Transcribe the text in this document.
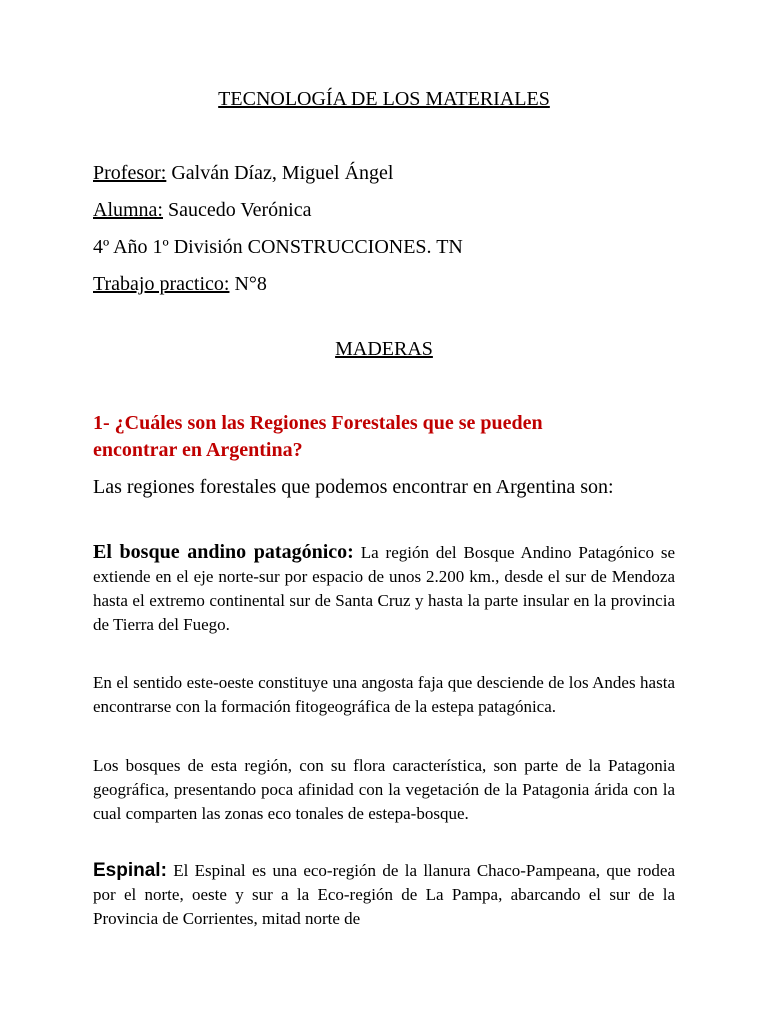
TECNOLOGÍA DE LOS MATERIALES
Profesor: Galván Díaz, Miguel Ángel
Alumna: Saucedo Verónica
4º Año 1º División CONSTRUCCIONES. TN
Trabajo practico: N°8
MADERAS
1- ¿Cuáles son las Regiones Forestales que se pueden
encontrar en Argentina?
Las regiones forestales que podemos encontrar en Argentina son:
El bosque andino patagónico: La región del Bosque Andino Patagónico se extiende en el eje norte-sur por espacio de unos 2.200 km., desde el sur de Mendoza hasta el extremo continental sur de Santa Cruz y hasta la parte insular en la provincia de Tierra del Fuego.
En el sentido este-oeste constituye una angosta faja que desciende de los Andes hasta encontrarse con la formación fitogeográfica de la estepa patagónica.
Los bosques de esta región, con su flora característica, son parte de la Patagonia geográfica, presentando poca afinidad con la vegetación de la Patagonia árida con la cual comparten las zonas eco tonales de estepa-bosque.
Espinal: El Espinal es una eco-región de la llanura Chaco-Pampeana, que rodea por el norte, oeste y sur a la Eco-región de La Pampa, abarcando el sur de la Provincia de Corrientes, mitad norte de
